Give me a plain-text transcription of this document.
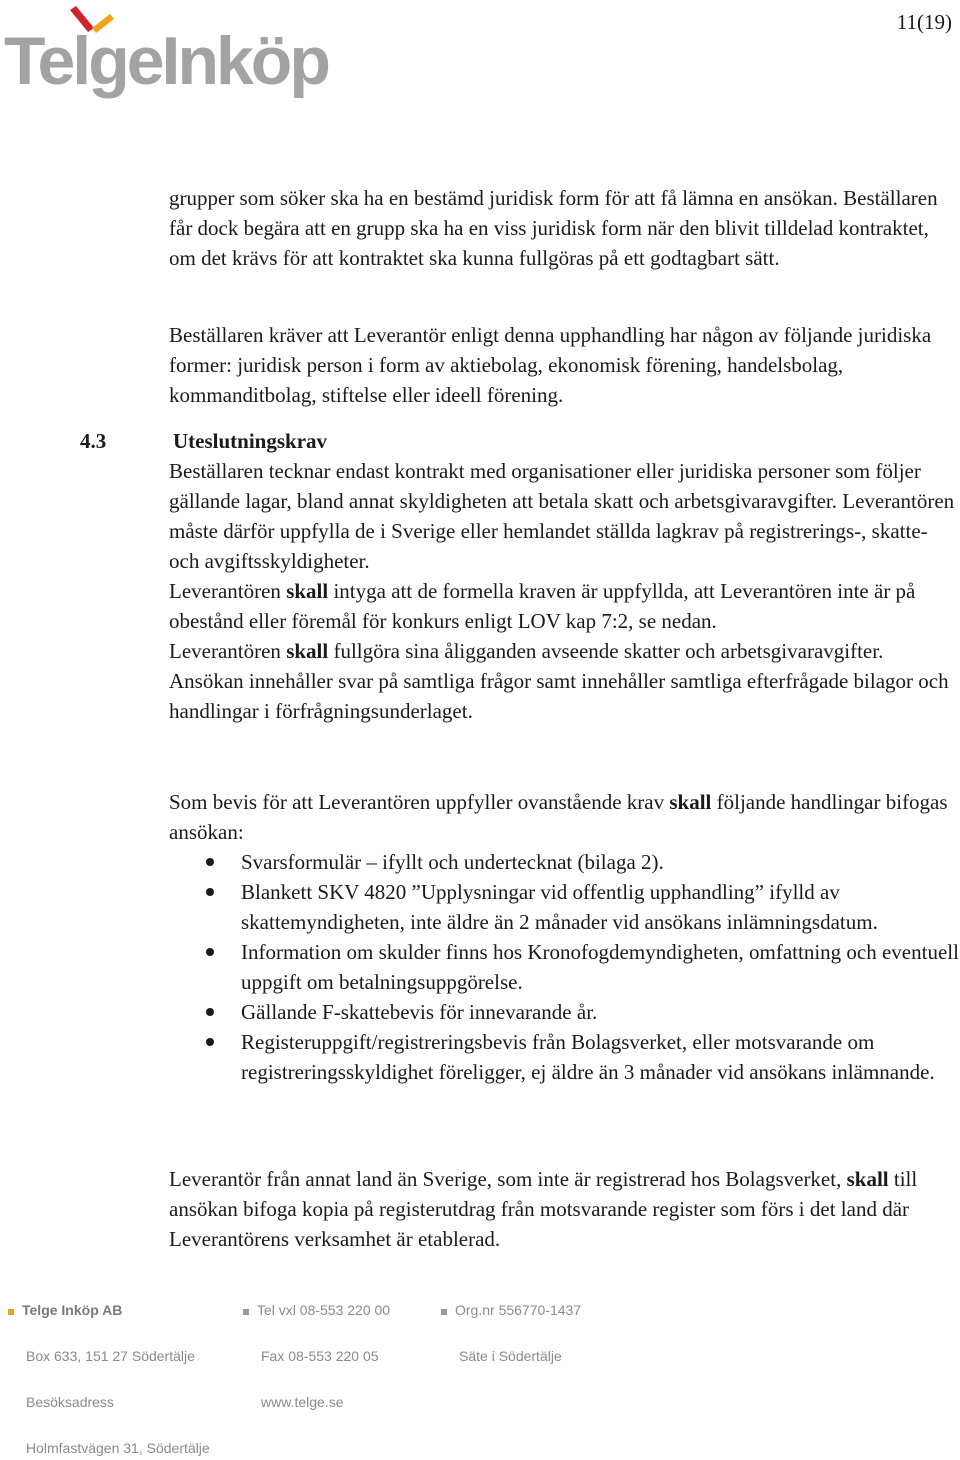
TelgeInköp
11(19)

grupper som söker ska ha en bestämd juridisk form för att få lämna en ansökan. Beställaren får dock begära att en grupp ska ha en viss juridisk form när den blivit tilldelad kontraktet, om det krävs för att kontraktet ska kunna fullgöras på ett godtagbart sätt.

Beställaren kräver att Leverantör enligt denna upphandling har någon av följande juridiska former: juridisk person i form av aktiebolag, ekonomisk förening, handelsbolag, kommanditbolag, stiftelse eller ideell förening.

4.3	Uteslutningskrav

Beställaren tecknar endast kontrakt med organisationer eller juridiska personer som följer gällande lagar, bland annat skyldigheten att betala skatt och arbetsgivaravgifter. Leverantören måste därför uppfylla de i Sverige eller hemlandet ställda lagkrav på registrerings-, skatte- och avgiftsskyldigheter.

Leverantören skall intyga att de formella kraven är uppfyllda, att Leverantören inte är på obestånd eller föremål för konkurs enligt LOV kap 7:2, se nedan.

Leverantören skall fullgöra sina åligganden avseende skatter och arbetsgivaravgifter.

Ansökan innehåller svar på samtliga frågor samt innehåller samtliga efterfrågade bilagor och handlingar i förfrågningsunderlaget.

Som bevis för att Leverantören uppfyller ovanstående krav skall följande handlingar bifogas ansökan:

Svarsformulär – ifyllt och undertecknat (bilaga 2).
Blankett SKV 4820 ”Upplysningar vid offentlig upphandling” ifylld av skattemyndigheten, inte äldre än 2 månader vid ansökans inlämningsdatum.
Information om skulder finns hos Kronofogdemyndigheten, omfattning och eventuell uppgift om betalningsuppgörelse.
Gällande F-skattebevis för innevarande år.
Registeruppgift/registreringsbevis från Bolagsverket, eller motsvarande om registreringsskyldighet föreligger, ej äldre än 3 månader vid ansökans inlämnande.

Leverantör från annat land än Sverige, som inte är registrerad hos Bolagsverket, skall till ansökan bifoga kopia på registerutdrag från motsvarande register som förs i det land där Leverantörens verksamhet är etablerad.

Telge Inköp AB	Tel vxl 08-553 220 00	Org.nr 556770-1437
Box 633, 151 27 Södertälje	Fax 08-553 220 05	Säte i Södertälje
Besöksadress	www.telge.se
Holmfastvägen 31, Södertälje
